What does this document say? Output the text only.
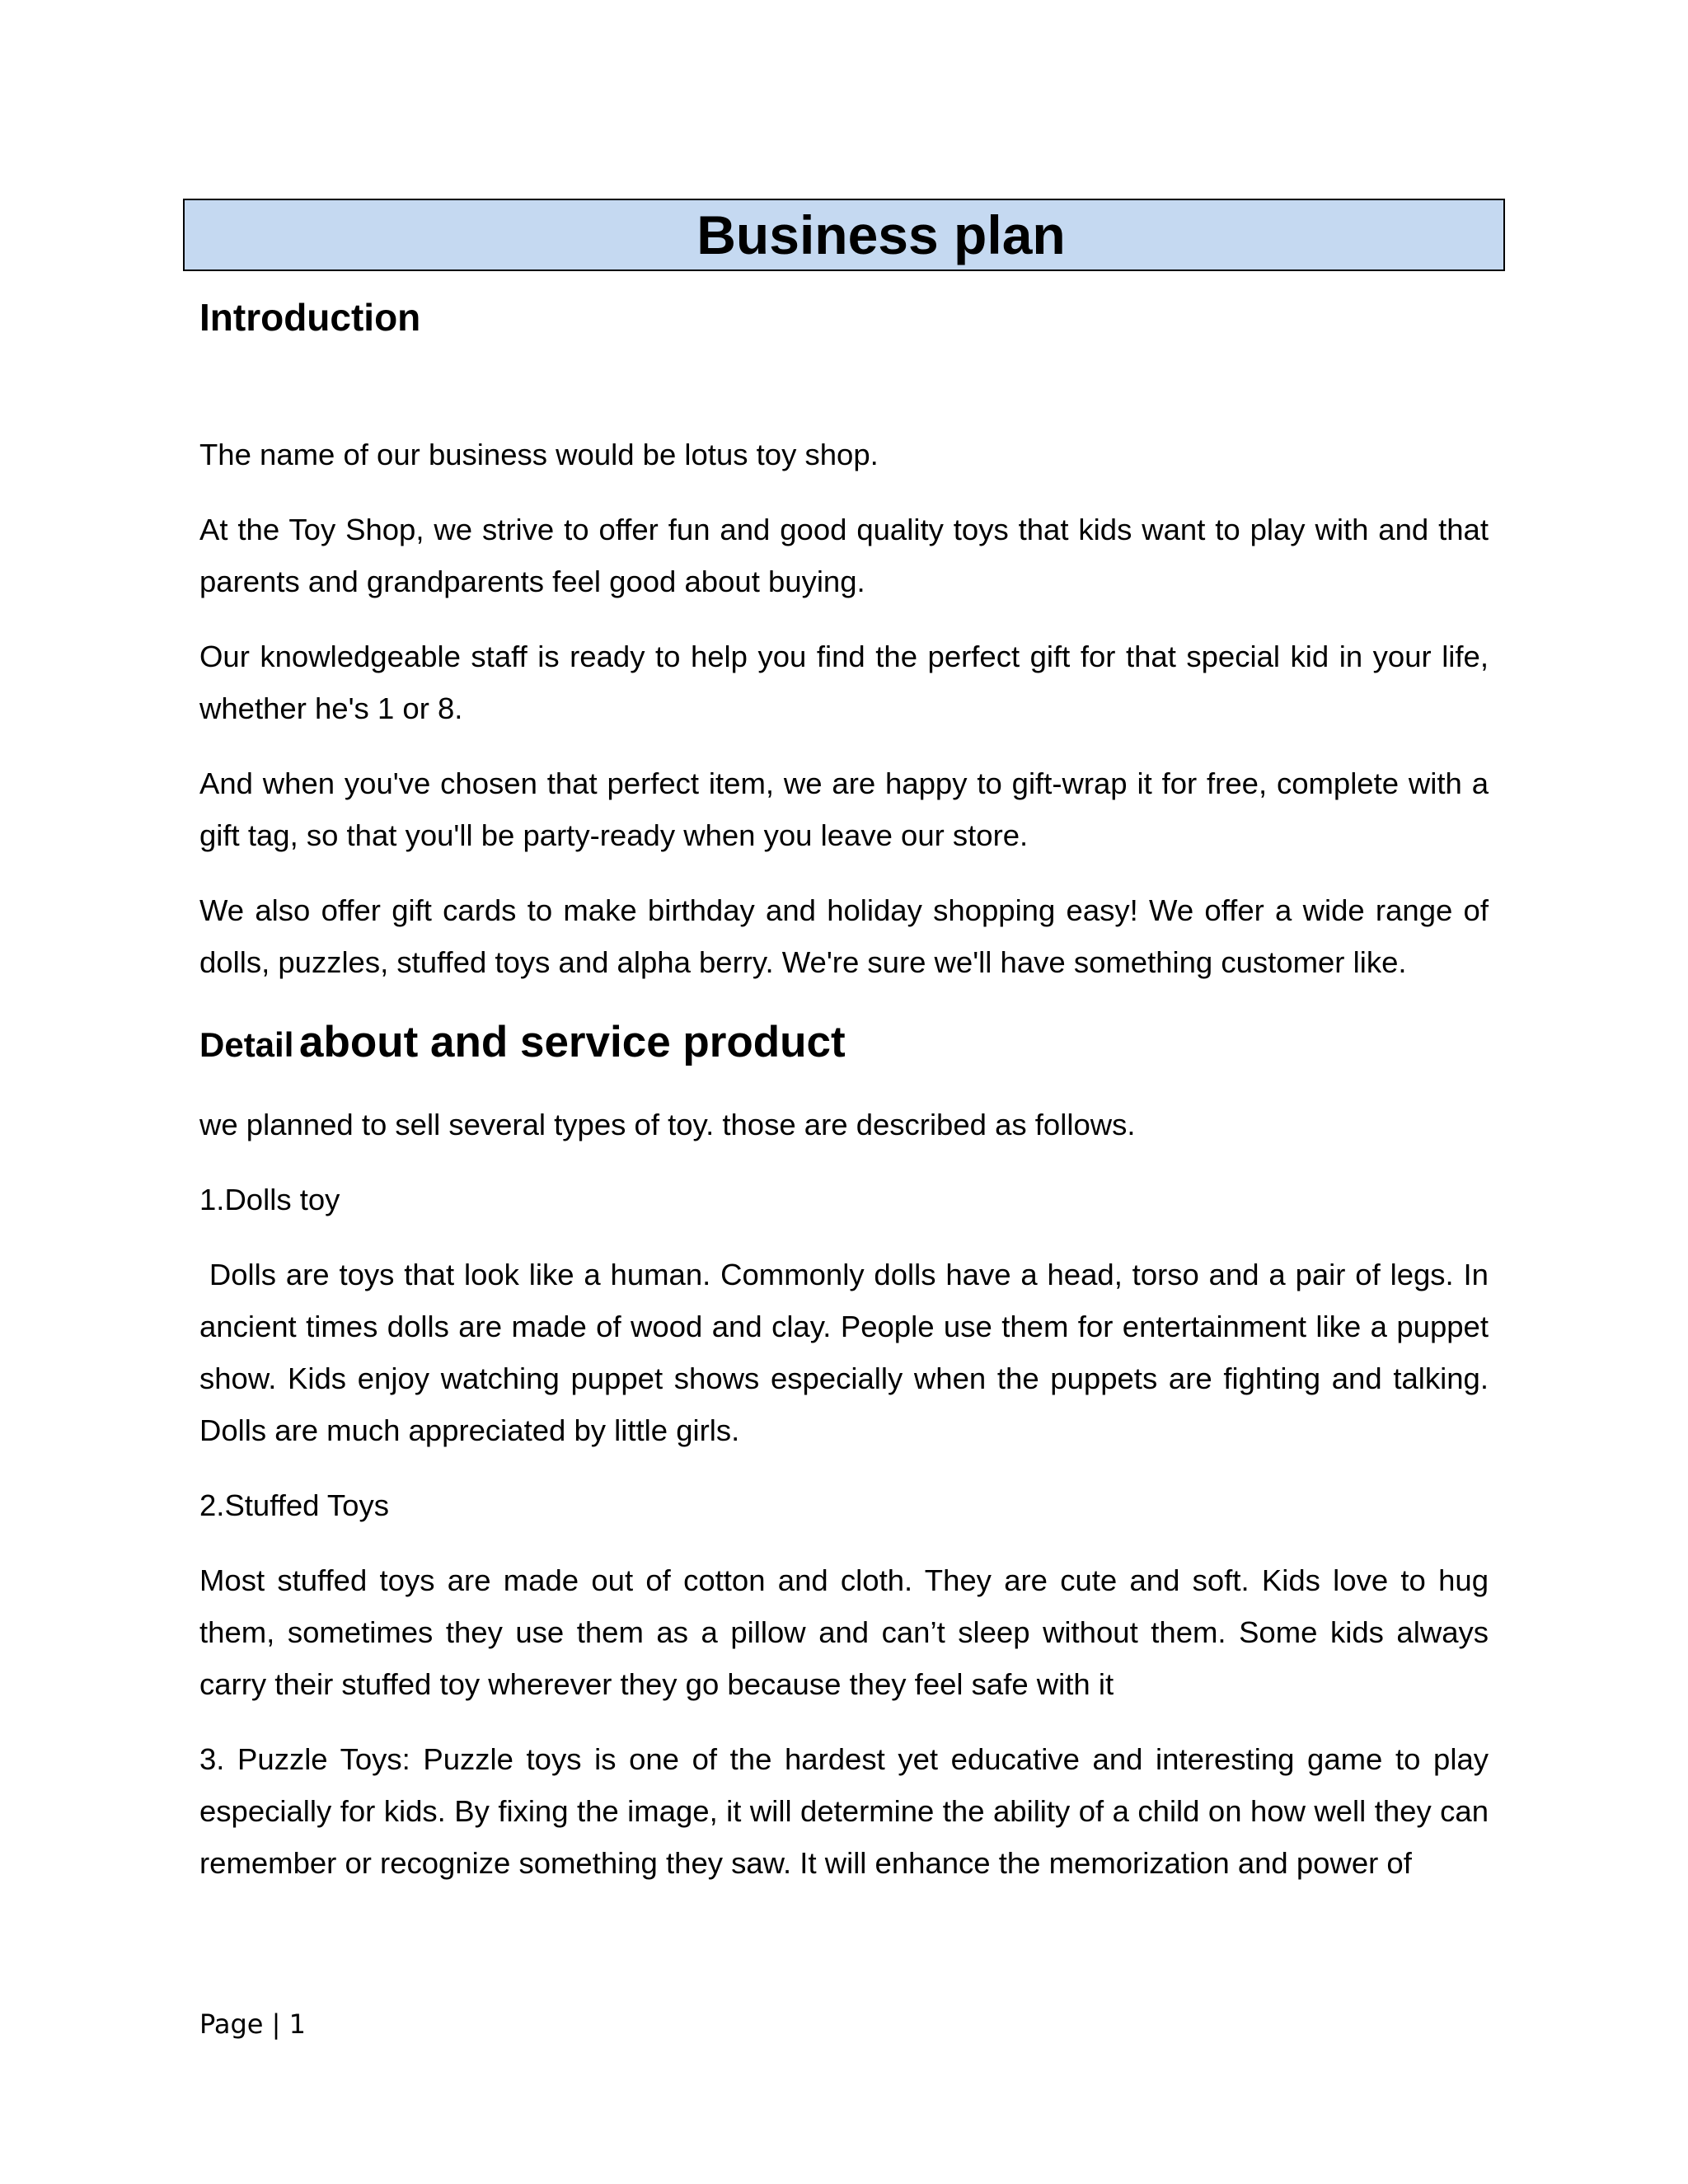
Business plan
Introduction

The name of our business would be lotus toy shop.

At the Toy Shop, we strive to offer fun and good quality toys that kids want to play with and that parents and grandparents feel good about buying.

Our knowledgeable staff is ready to help you find the perfect gift for that special kid in your life, whether he's 1 or 8.

And when you've chosen that perfect item, we are happy to gift-wrap it for free, complete with a gift tag, so that you'll be party-ready when you leave our store.

We also offer gift cards to make birthday and holiday shopping easy! We offer a wide range of dolls, puzzles, stuffed toys and alpha berry. We're sure we'll have something customer like.

Detail about and service product

we planned to sell several types of toy. those are described as follows.

1.Dolls toy

Dolls are toys that look like a human. Commonly dolls have a head, torso and a pair of legs. In ancient times dolls are made of wood and clay. People use them for entertainment like a puppet show. Kids enjoy watching puppet shows especially when the puppets are fighting and talking. Dolls are much appreciated by little girls.

2.Stuffed Toys

Most stuffed toys are made out of cotton and cloth. They are cute and soft. Kids love to hug them, sometimes they use them as a pillow and can’t sleep without them. Some kids always carry their stuffed toy wherever they go because they feel safe with it

3. Puzzle Toys: Puzzle toys is one of the hardest yet educative and interesting game to play especially for kids. By fixing the image, it will determine the ability of a child on how well they can remember or recognize something they saw. It will enhance the memorization and power of

Page | 1
